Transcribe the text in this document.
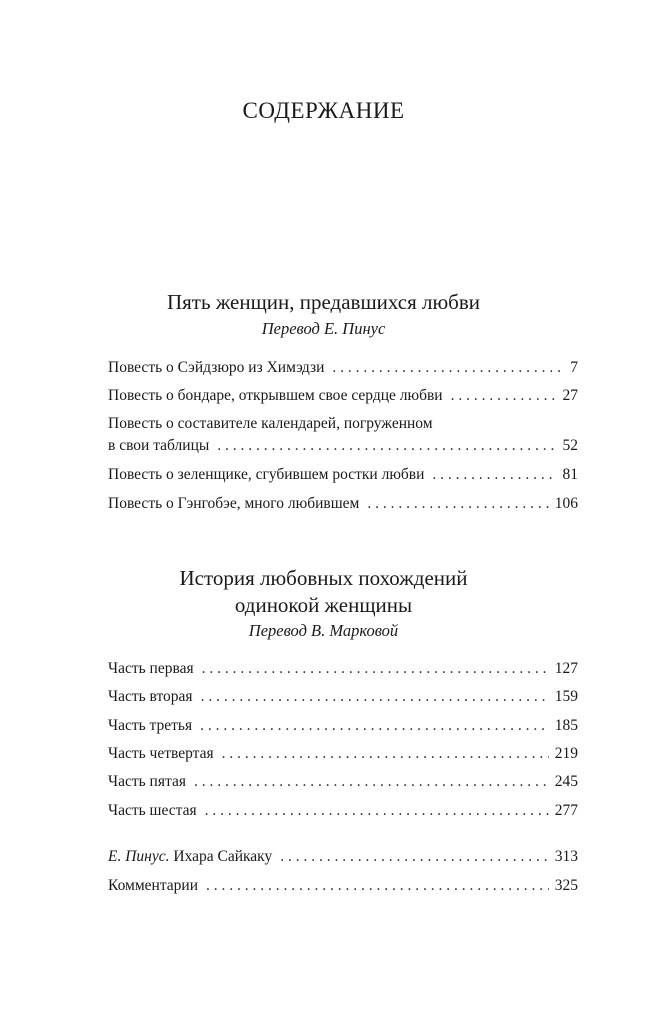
СОДЕРЖАНИЕ
Пять женщин, предавшихся любви
Перевод Е. Пинус
Повесть о Сэйдзюро из Химэдзи . . .	7
Повесть о бондаре, открывшем свое сердце любви . . .	27
Повесть о составителе календарей, погруженном
в свои таблицы . . .	52
Повесть о зеленщике, сгубившем ростки любви . . .	81
Повесть о Гэнгобэе, много любившем . . .	106
История любовных похождений
одинокой женщины
Перевод В. Марковой
Часть первая . . .	127
Часть вторая . . .	159
Часть третья . . .	185
Часть четвертая . . .	219
Часть пятая . . .	245
Часть шестая . . .	277
Е. Пинус. Ихара Сайкаку . . .	313
Комментарии . . .	325
